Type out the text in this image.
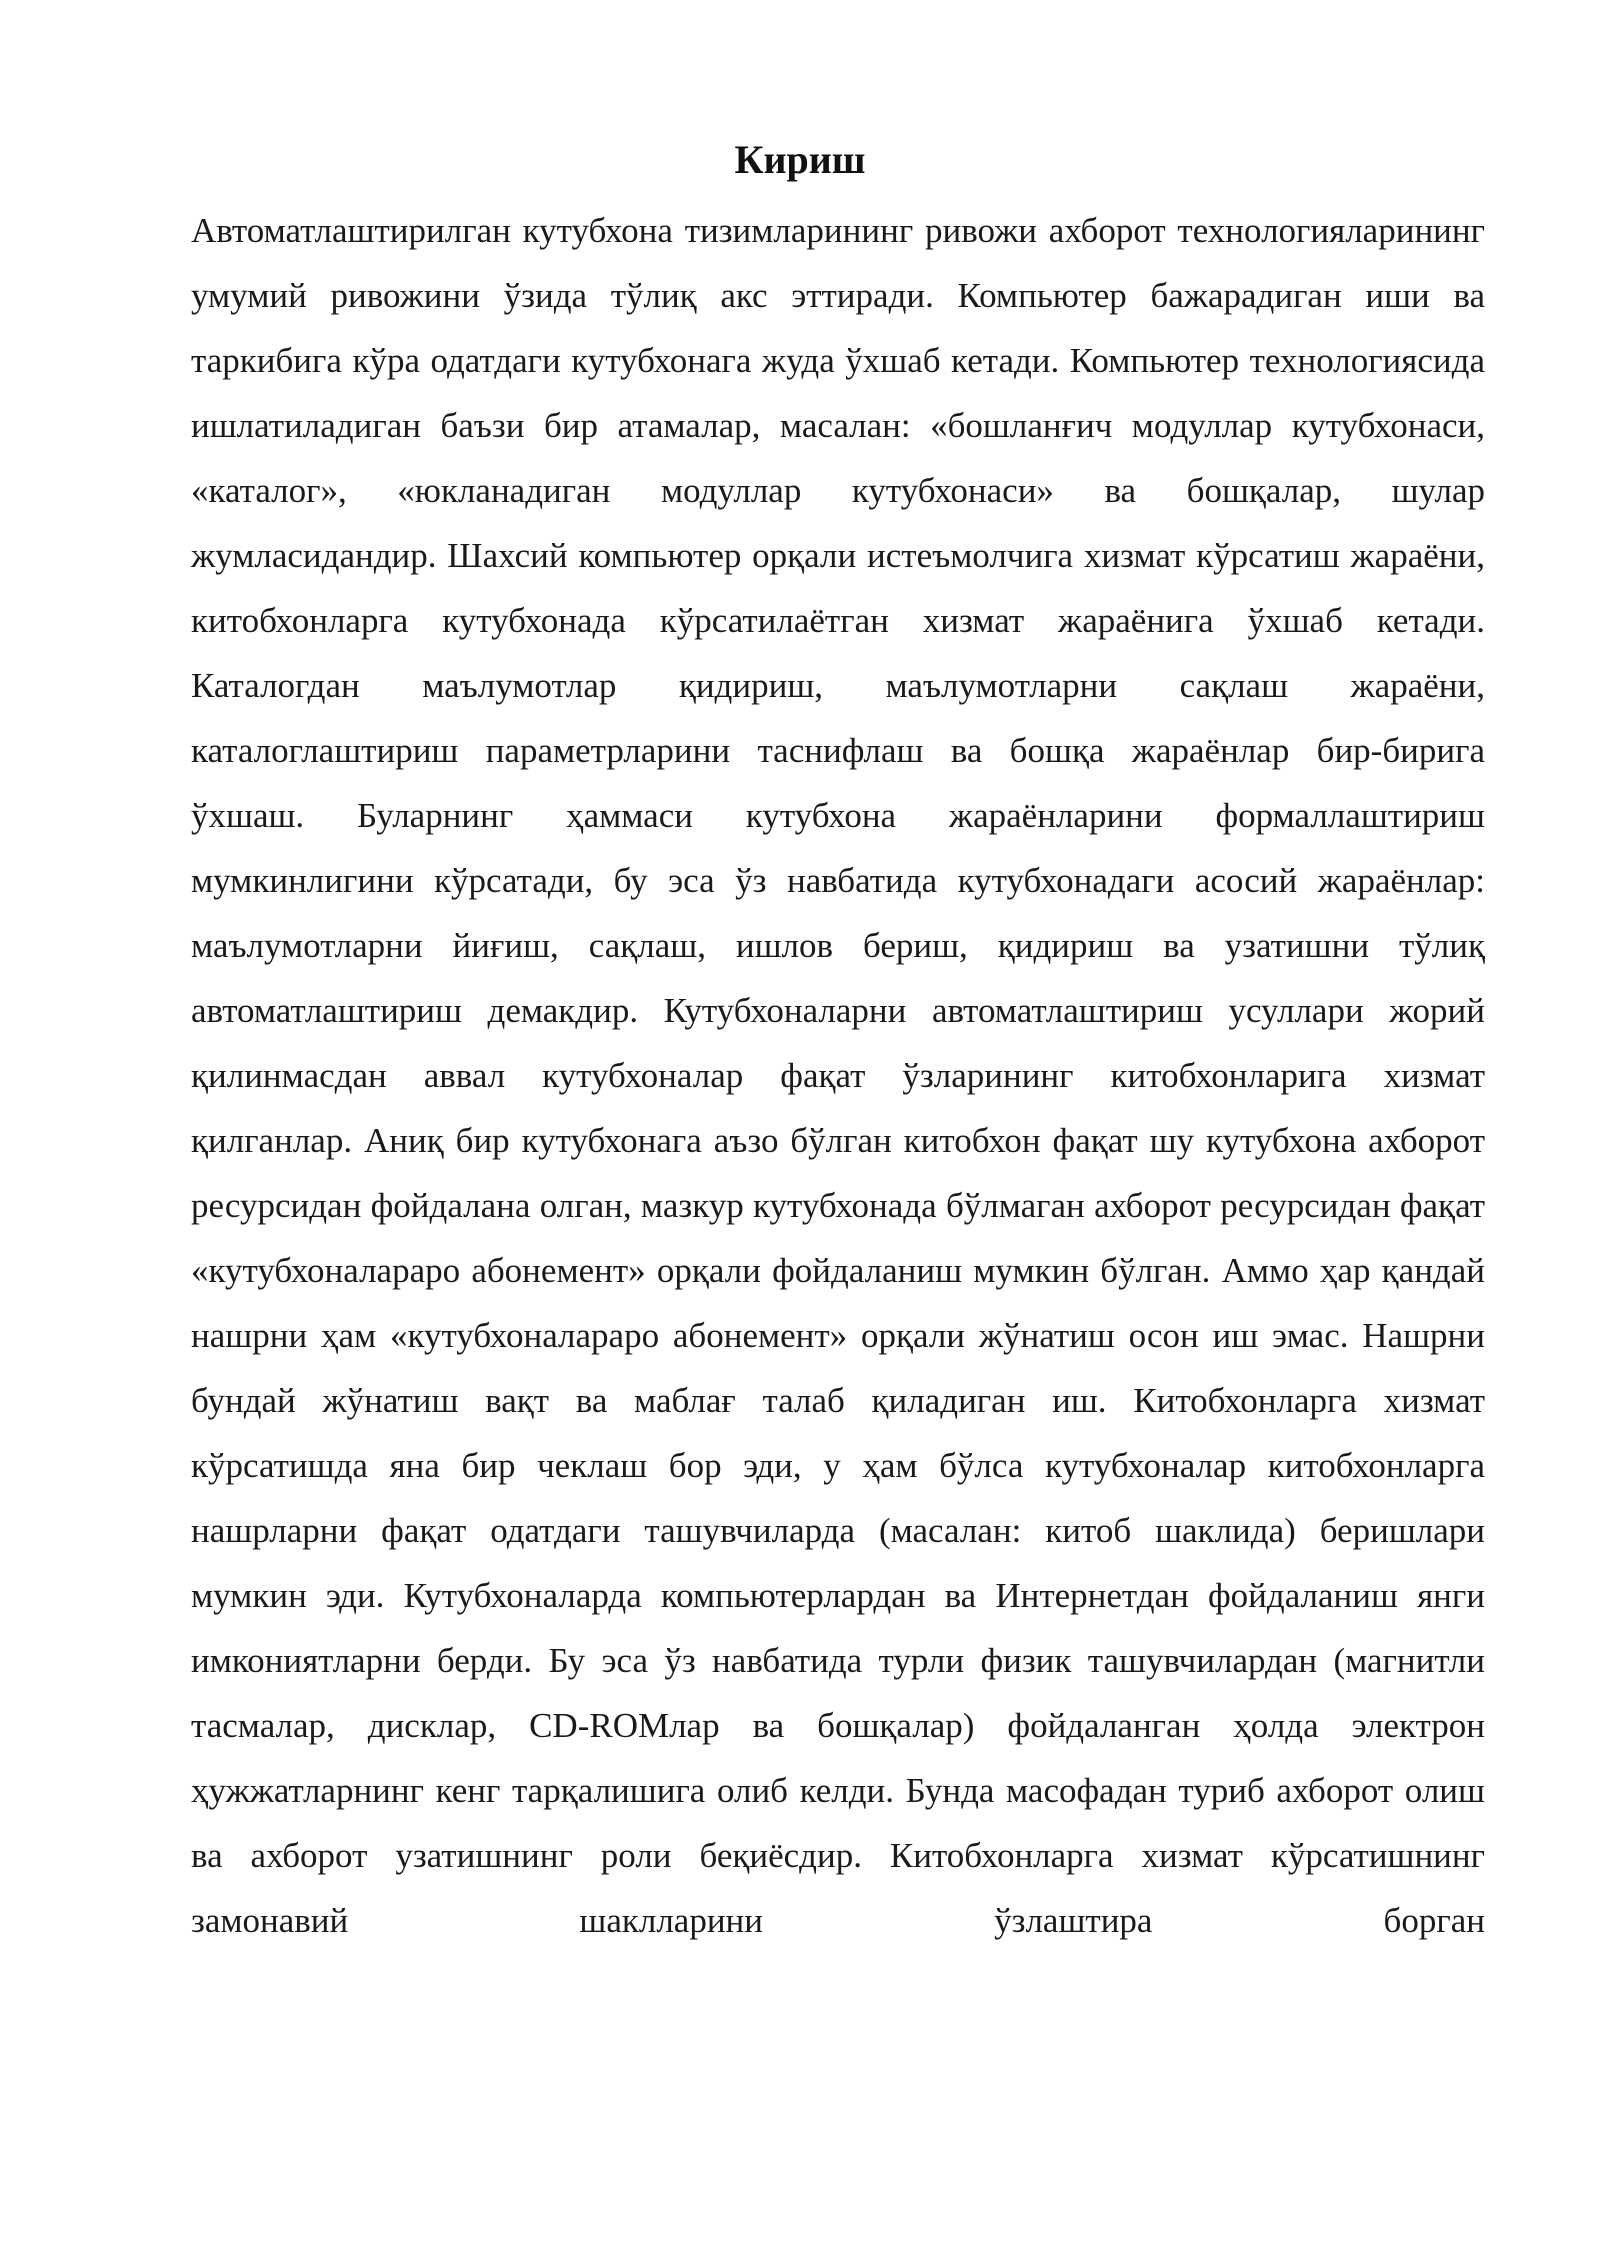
Кириш

Автоматлаштирилган кутубхона тизимларининг ривожи ахборот технологияларининг умумий ривожини ўзида тўлиқ акс эттиради. Компьютер бажарадиган иши ва таркибига кўра одатдаги кутубхонага жуда ўхшаб кетади. Компьютер технологиясида ишлатиладиган баъзи бир атамалар, масалан: «бошланғич модуллар кутубхонаси, «каталог», «юкланадиган модуллар кутубхонаси» ва бошқалар, шулар жумласидандир. Шахсий компьютер орқали истеъмолчига хизмат кўрсатиш жараёни, китобхонларга кутубхонада кўрсатилаётган хизмат жараёнига ўхшаб кетади. Каталогдан маълумотлар қидириш, маълумотларни сақлаш жараёни, каталоглаштириш параметрларини таснифлаш ва бошқа жараёнлар бир-бирига ўхшаш. Буларнинг ҳаммаси кутубхона жараёнларини формаллаштириш мумкинлигини кўрсатади, бу эса ўз навбатида кутубхонадаги асосий жараёнлар: маълумотларни йиғиш, сақлаш, ишлов бериш, қидириш ва узатишни тўлиқ автоматлаштириш демакдир. Кутубхоналарни автоматлаштириш усуллари жорий қилинмасдан аввал кутубхоналар фақат ўзларининг китобхонларига хизмат қилганлар. Аниқ бир кутубхонага аъзо бўлган китобхон фақат шу кутубхона ахборот ресурсидан фойдалана олган, мазкур кутубхонада бўлмаган ахборот ресурсидан фақат «кутубхоналараро абонемент» орқали фойдаланиш мумкин бўлган. Аммо ҳар қандай нашрни ҳам «кутубхоналараро абонемент» орқали жўнатиш осон иш эмас. Нашрни бундай жўнатиш вақт ва маблағ талаб қиладиган иш. Китобхонларга хизмат кўрсатишда яна бир чеклаш бор эди, у ҳам бўлса кутубхоналар китобхонларга нашрларни фақат одатдаги ташувчиларда (масалан: китоб шаклида) беришлари мумкин эди. Кутубхоналарда компьютерлардан ва Интернетдан фойдаланиш янги имкониятларни берди. Бу эса ўз навбатида турли физик ташувчилардан (магнитли тасмалар, дисклар, CD-ROMлар ва бошқалар) фойдаланган ҳолда электрон ҳужжатларнинг кенг тарқалишига олиб келди. Бунда масофадан туриб ахборот олиш ва ахборот узатишнинг роли беқиёсдир. Китобхонларга хизмат кўрсатишнинг замонавий шаклларини ўзлаштира борган
